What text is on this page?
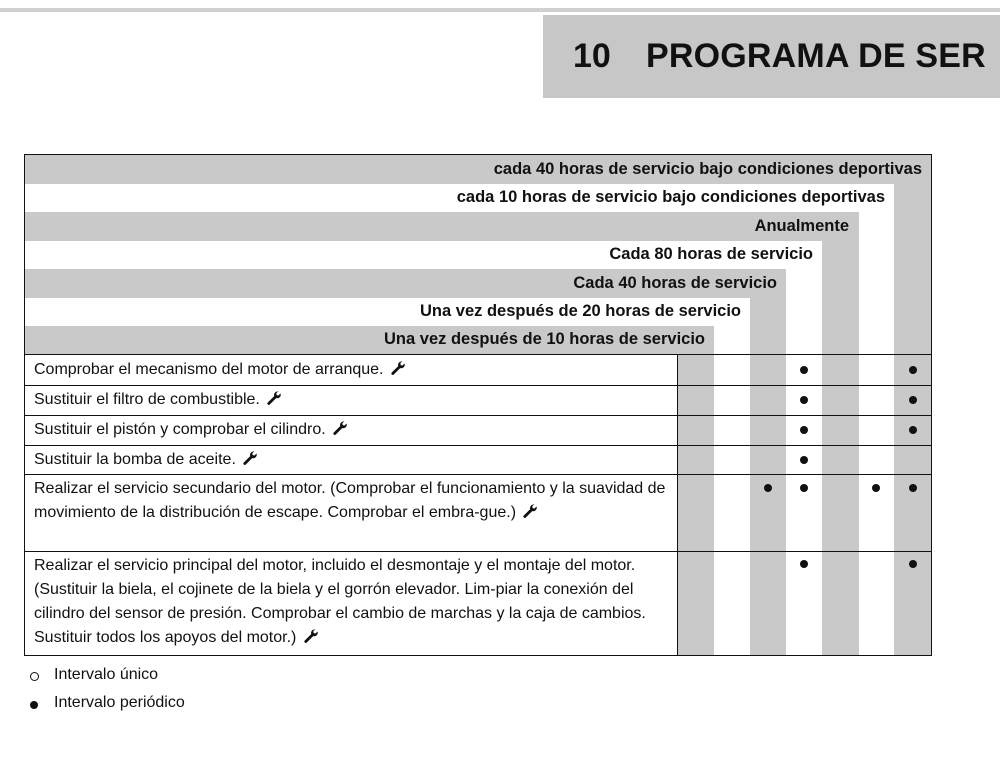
10 PROGRAMA DE SER
cada 40 horas de servicio bajo condiciones deportivas
cada 10 horas de servicio bajo condiciones deportivas
Anualmente
Cada 80 horas de servicio
Cada 40 horas de servicio
Una vez después de 20 horas de servicio
Una vez después de 10 horas de servicio
Comprobar el mecanismo del motor de arranque.
Sustituir el filtro de combustible.
Sustituir el pistón y comprobar el cilindro.
Sustituir la bomba de aceite.
Realizar el servicio secundario del motor. (Comprobar el funcionamiento y la suavidad de movimiento de la distribución de escape. Comprobar el embra-gue.)
Realizar el servicio principal del motor, incluido el desmontaje y el montaje del motor. (Sustituir la biela, el cojinete de la biela y el gorrón elevador. Lim-piar la conexión del cilindro del sensor de presión. Comprobar el cambio de marchas y la caja de cambios. Sustituir todos los apoyos del motor.)
Intervalo único
Intervalo periódico
